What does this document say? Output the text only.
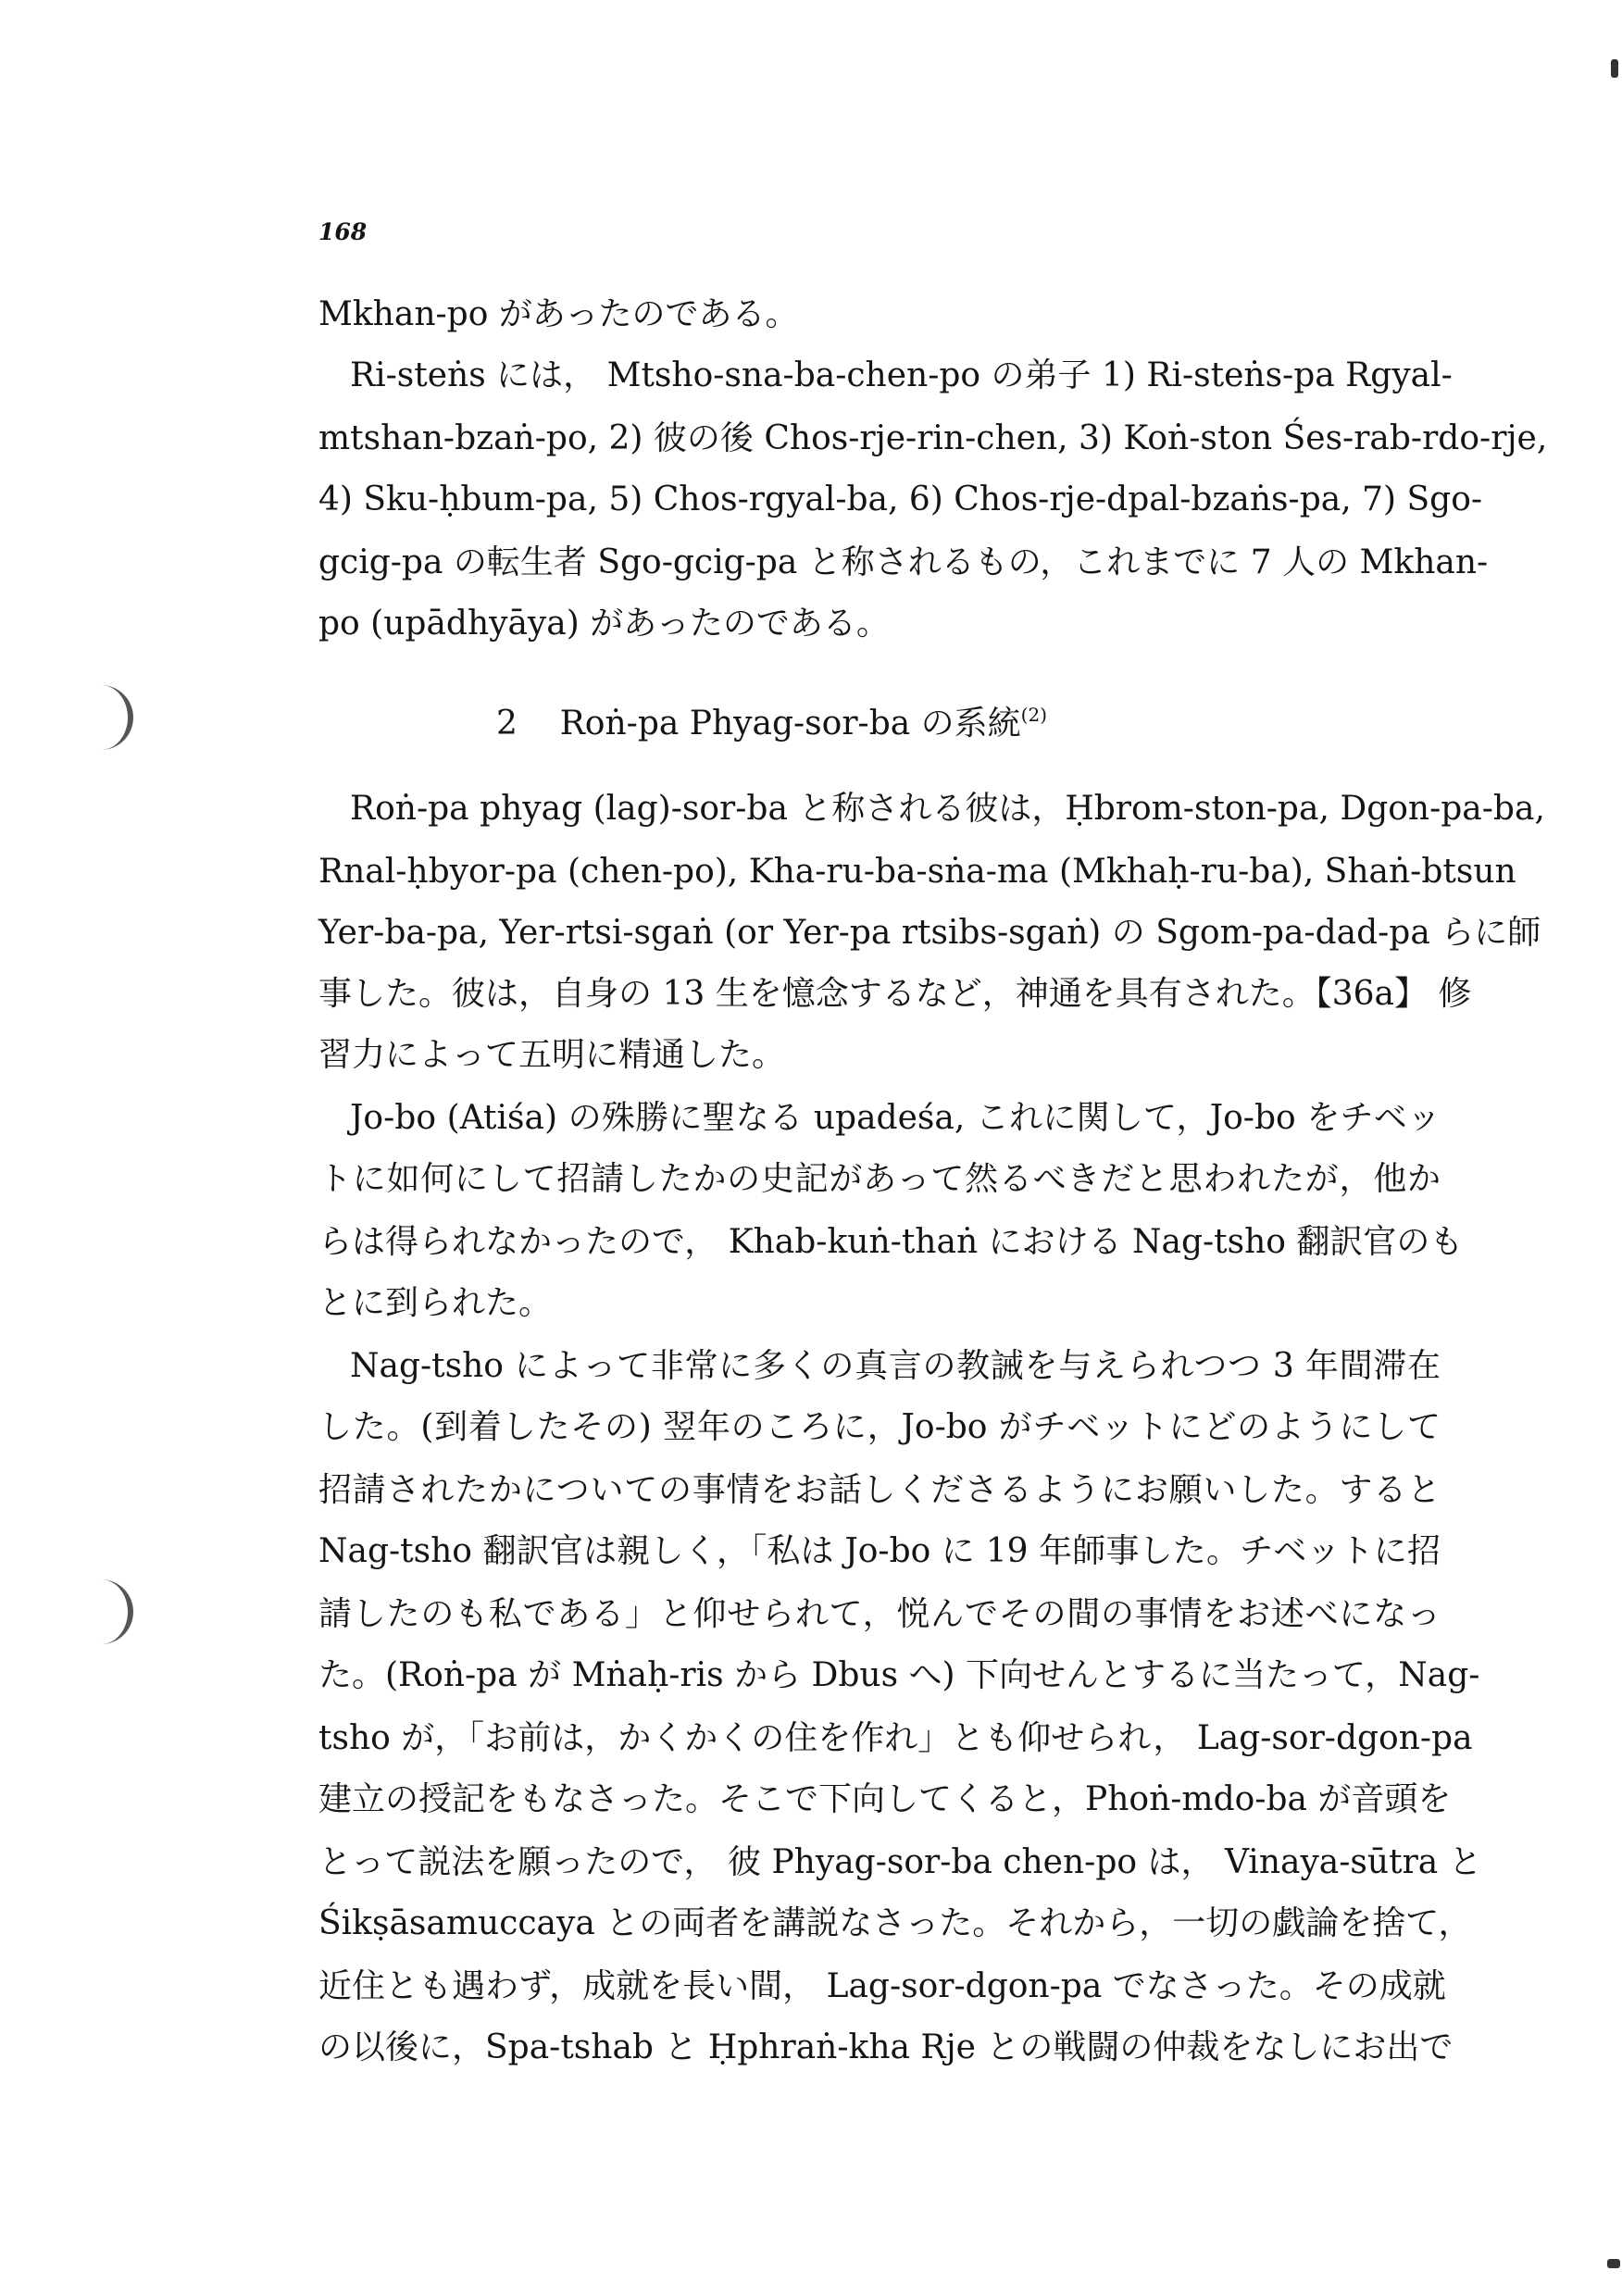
168
Mkhan-po があったのである。
Ri-steṅs には， Mtsho-sna-ba-chen-po の弟子 1) Ri-steṅs-pa Rgyal-
mtshan-bzaṅ-po, 2) 彼の後 Chos-rje-rin-chen, 3) Koṅ-ston Śes-rab-rdo-rje,
4) Sku-ḥbum-pa, 5) Chos-rgyal-ba, 6) Chos-rje-dpal-bzaṅs-pa, 7) Sgo-
gcig-pa の転生者 Sgo-gcig-pa と称されるもの，これまでに 7 人の Mkhan-
po (upādhyāya) があったのである。
2 Roṅ-pa Phyag-sor-ba の系統$^{(2)}$
Roṅ-pa phyag (lag)-sor-ba と称される彼は，Ḥbrom-ston-pa, Dgon-pa-ba,
Rnal-ḥbyor-pa (chen-po), Kha-ru-ba-sṅa-ma (Mkhaḥ-ru-ba), Shaṅ-btsun
Yer-ba-pa, Yer-rtsi-sgaṅ (or Yer-pa rtsibs-sgaṅ) の Sgom-pa-dad-pa らに師
事した。彼は，自身の 13 生を憶念するなど，神通を具有された。【36a】 修
習力によって五明に精通した。
Jo-bo (Atiśa) の殊勝に聖なる upadeśa, これに関して，Jo-bo をチベッ
トに如何にして招請したかの史記があって然るべきだと思われたが，他か
らは得られなかったので， Khab-kuṅ-thaṅ における Nag-tsho 翻訳官のも
とに到られた。
Nag-tsho によって非常に多くの真言の教誡を与えられつつ 3 年間滞在
した。(到着したその) 翌年のころに，Jo-bo がチベットにどのようにして
招請されたかについての事情をお話しくださるようにお願いした。すると
Nag-tsho 翻訳官は親しく，「私は Jo-bo に 19 年師事した。チベットに招
請したのも私である」と仰せられて，悦んでその間の事情をお述べになっ
た。(Roṅ-pa が Mṅaḥ-ris から Dbus へ) 下向せんとするに当たって，Nag-
tsho が，「お前は，かくかくの住を作れ」とも仰せられ， Lag-sor-dgon-pa
建立の授記をもなさった。そこで下向してくると，Phoṅ-mdo-ba が音頭を
とって説法を願ったので， 彼 Phyag-sor-ba chen-po は， Vinaya-sūtra と
Śikṣāsamuccaya との両者を講説なさった。それから，一切の戯論を捨て，
近住とも遇わず，成就を長い間， Lag-sor-dgon-pa でなさった。その成就
の以後に，Spa-tshab と Ḥphraṅ-kha Rje との戦闘の仲裁をなしにお出で
